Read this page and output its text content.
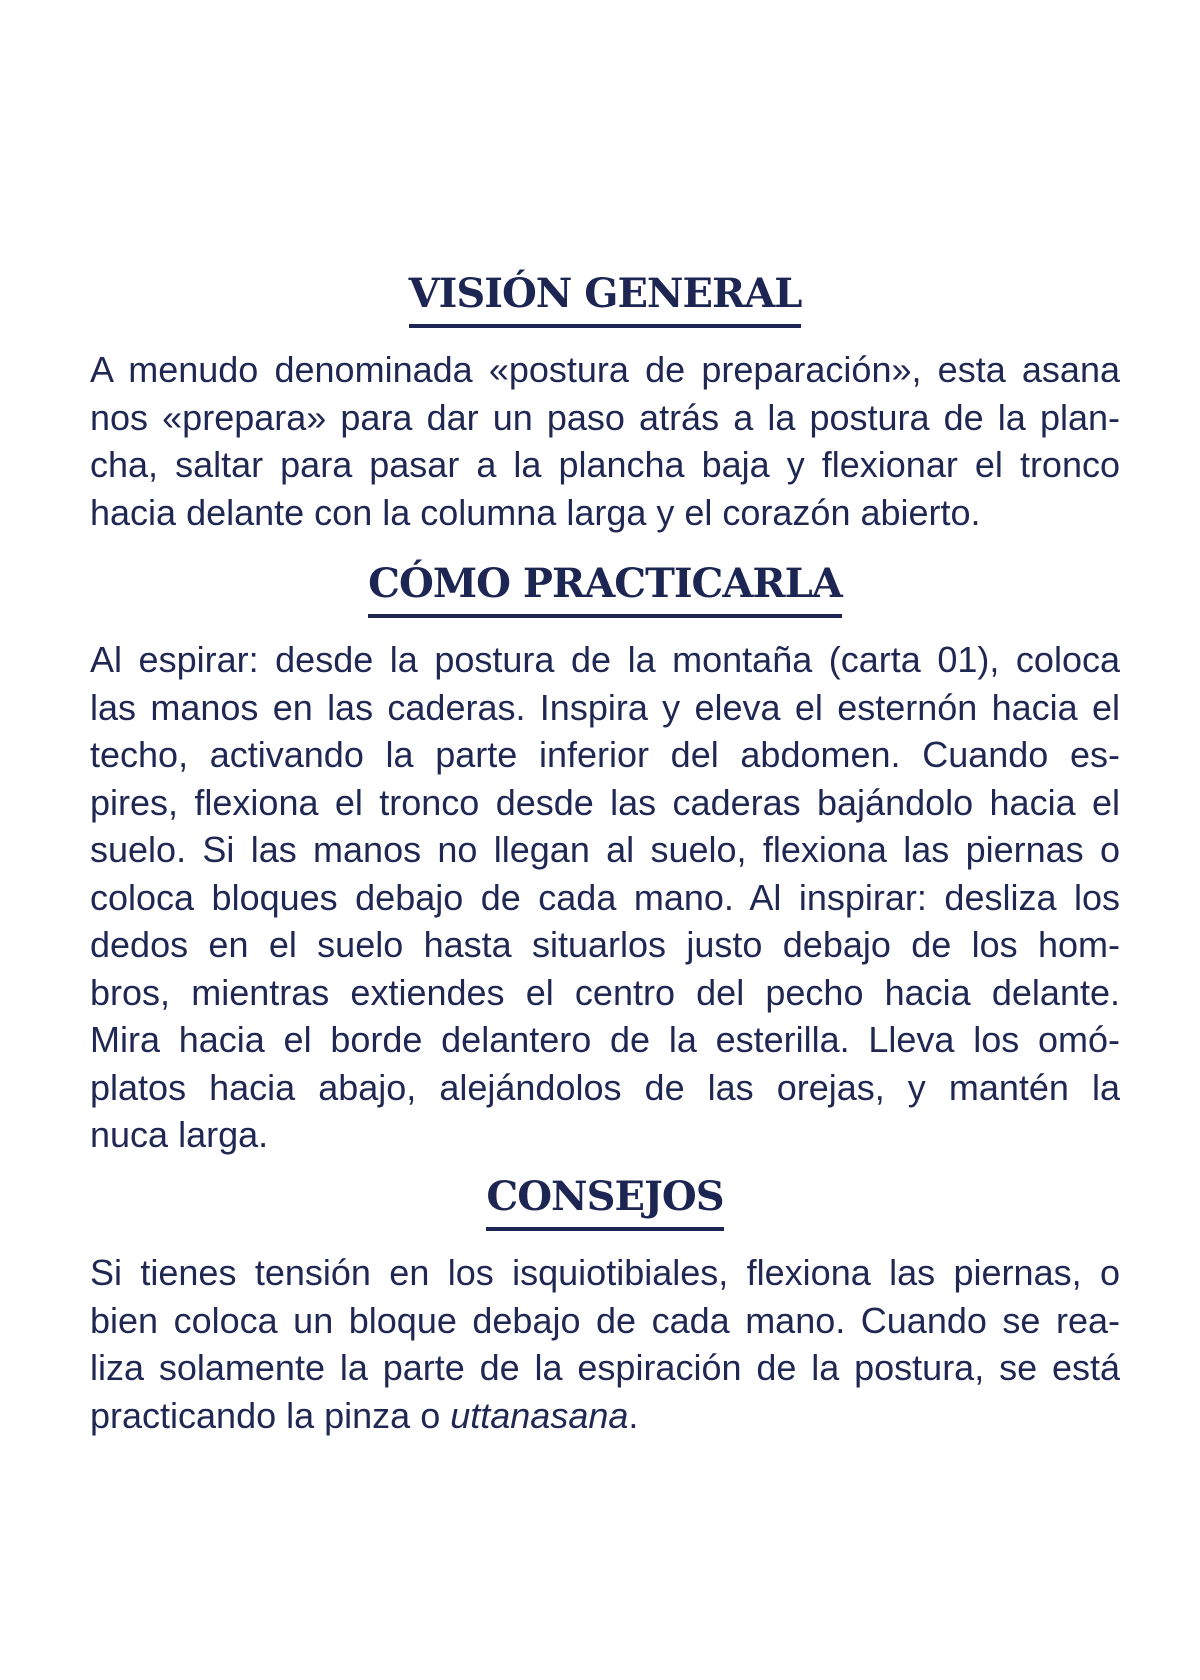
VISIÓN GENERAL
A menudo denominada «postura de preparación», esta asana
nos «prepara» para dar un paso atrás a la postura de la plan-
cha, saltar para pasar a la plancha baja y flexionar el tronco
hacia delante con la columna larga y el corazón abierto.
CÓMO PRACTICARLA
Al espirar: desde la postura de la montaña (carta 01), coloca
las manos en las caderas. Inspira y eleva el esternón hacia el
techo, activando la parte inferior del abdomen. Cuando es-
pires, flexiona el tronco desde las caderas bajándolo hacia el
suelo. Si las manos no llegan al suelo, flexiona las piernas o
coloca bloques debajo de cada mano. Al inspirar: desliza los
dedos en el suelo hasta situarlos justo debajo de los hom-
bros, mientras extiendes el centro del pecho hacia delante.
Mira hacia el borde delantero de la esterilla. Lleva los omó-
platos hacia abajo, alejándolos de las orejas, y mantén la
nuca larga.
CONSEJOS
Si tienes tensión en los isquiotibiales, flexiona las piernas, o
bien coloca un bloque debajo de cada mano. Cuando se rea-
liza solamente la parte de la espiración de la postura, se está
practicando la pinza o uttanasana.
